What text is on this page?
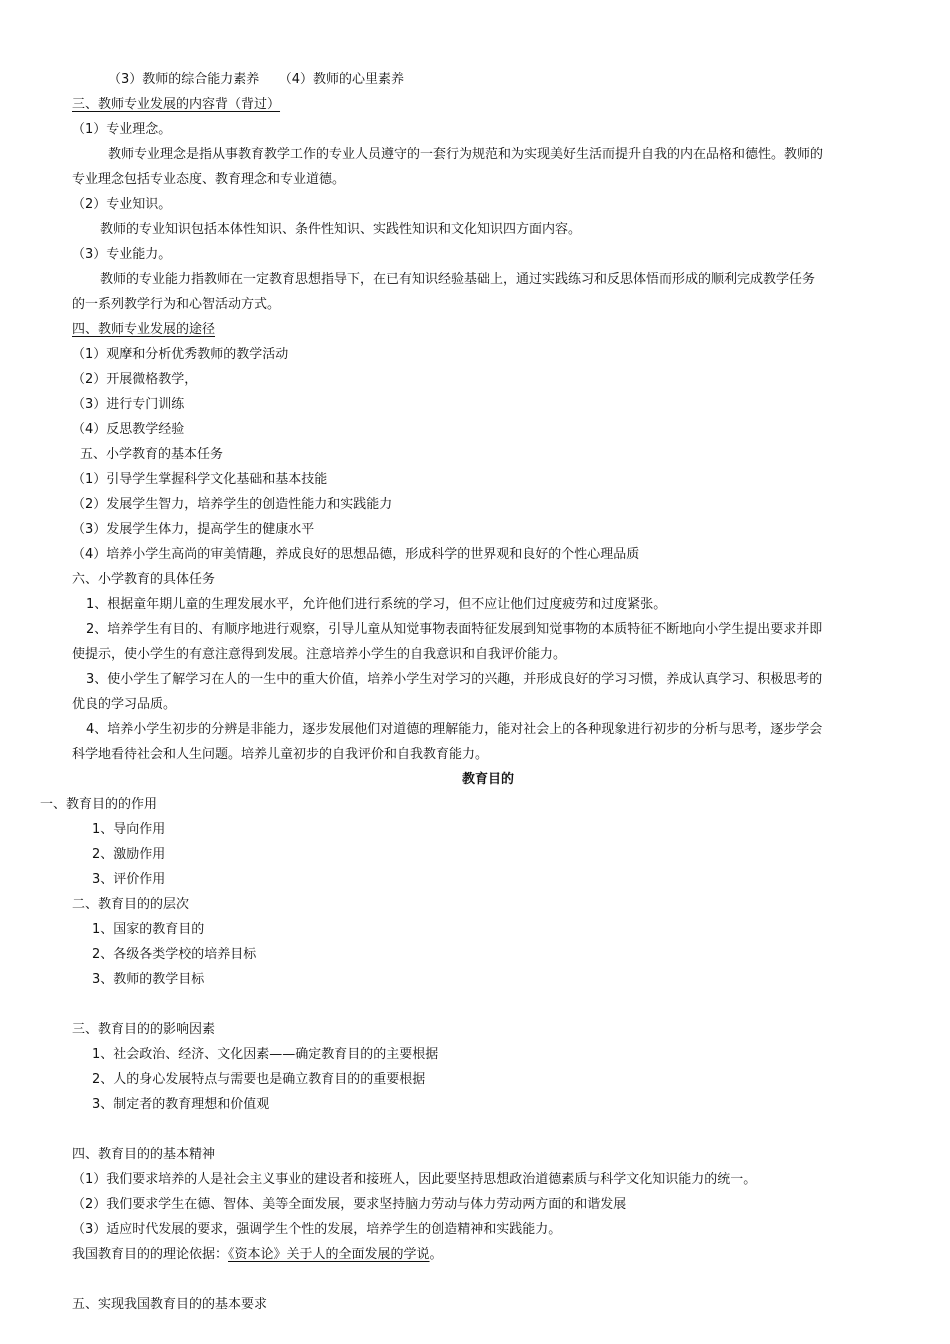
（3）教师的综合能力素养　　（4）教师的心里素养
三、教师专业发展的内容背（背过）
（1）专业理念。
教师专业理念是指从事教育教学工作的专业人员遵守的一套行为规范和为实现美好生活而提升自我的内在品格和德性。教师的
专业理念包括专业态度、教育理念和专业道德。
（2）专业知识。
教师的专业知识包括本体性知识、条件性知识、实践性知识和文化知识四方面内容。
（3）专业能力。
教师的专业能力指教师在一定教育思想指导下，在已有知识经验基础上，通过实践练习和反思体悟而形成的顺利完成教学任务
的一系列教学行为和心智活动方式。
四、教师专业发展的途径
（1）观摩和分析优秀教师的教学活动
（2）开展微格教学，
（3）进行专门训练
（4）反思教学经验
五、小学教育的基本任务
（1）引导学生掌握科学文化基础和基本技能
（2）发展学生智力，培养学生的创造性能力和实践能力
（3）发展学生体力，提高学生的健康水平
（4）培养小学生高尚的审美情趣，养成良好的思想品德，形成科学的世界观和良好的个性心理品质
六、小学教育的具体任务
1、根据童年期儿童的生理发展水平，允许他们进行系统的学习，但不应让他们过度疲劳和过度紧张。
2、培养学生有目的、有顺序地进行观察，引导儿童从知觉事物表面特征发展到知觉事物的本质特征不断地向小学生提出要求并即
使提示，使小学生的有意注意得到发展。注意培养小学生的自我意识和自我评价能力。
3、使小学生了解学习在人的一生中的重大价值，培养小学生对学习的兴趣，并形成良好的学习习惯，养成认真学习、积极思考的
优良的学习品质。
4、培养小学生初步的分辨是非能力，逐步发展他们对道德的理解能力，能对社会上的各种现象进行初步的分析与思考，逐步学会
科学地看待社会和人生问题。培养儿童初步的自我评价和自我教育能力。
教育目的
一、教育目的的作用
1、导向作用
2、激励作用
3、评价作用
二、教育目的的层次
1、国家的教育目的
2、各级各类学校的培养目标
3、教师的教学目标
三、教育目的的影响因素
1、社会政治、经济、文化因素——确定教育目的的主要根据
2、人的身心发展特点与需要也是确立教育目的的重要根据
3、制定者的教育理想和价值观
四、教育目的的基本精神
（1）我们要求培养的人是社会主义事业的建设者和接班人，因此要坚持思想政治道德素质与科学文化知识能力的统一。
（2）我们要求学生在德、智体、美等全面发展，要求坚持脑力劳动与体力劳动两方面的和谐发展
（3）适应时代发展的要求，强调学生个性的发展，培养学生的创造精神和实践能力。
我国教育目的的理论依据：《资本论》关于人的全面发展的学说。
五、实现我国教育目的的基本要求
